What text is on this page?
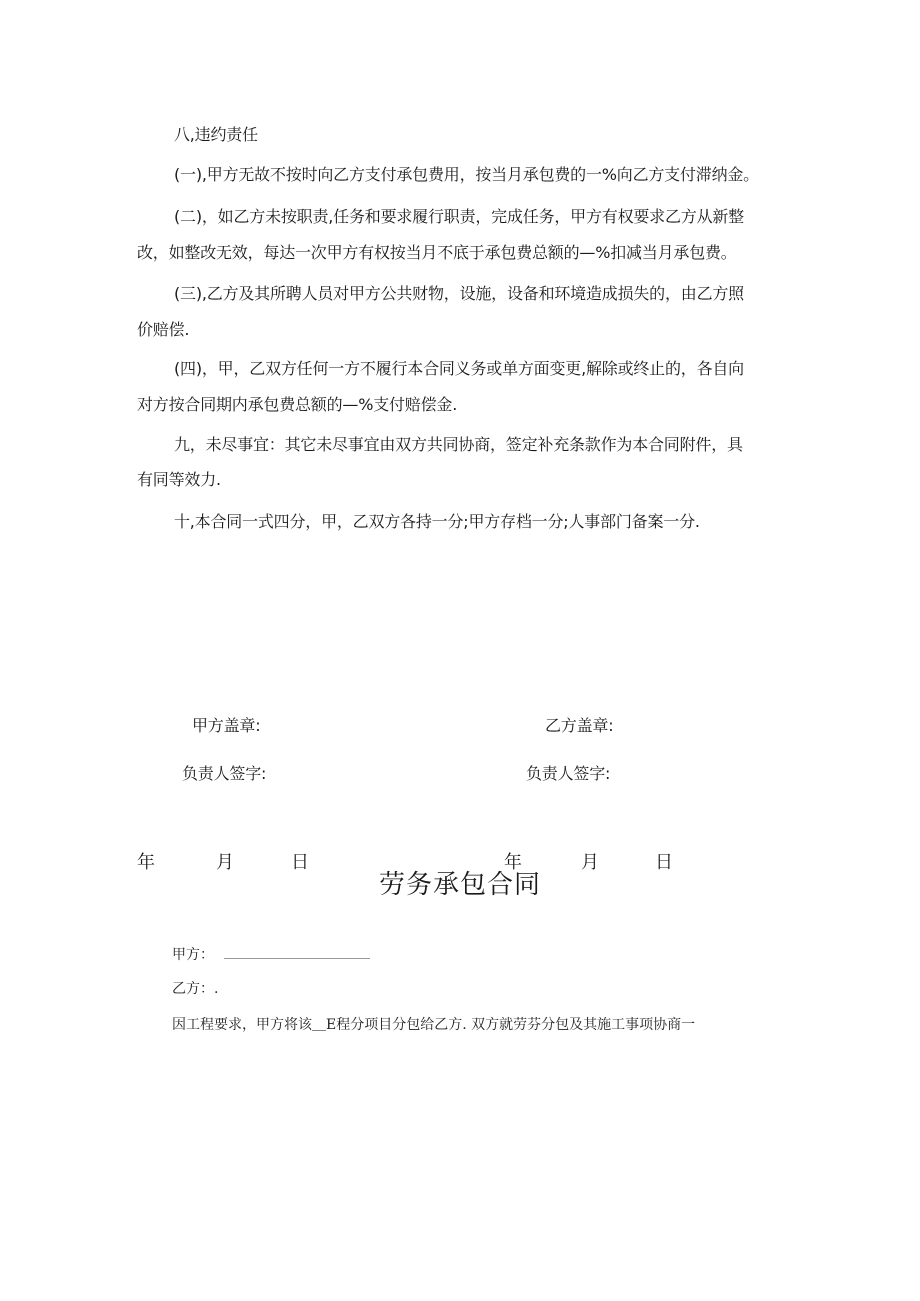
八,违约责任
(一),甲方无故不按时向乙方支付承包费用，按当月承包费的一%向乙方支付滞纳金。
(二)，如乙方未按职责,任务和要求履行职责，完成任务，甲方有权要求乙方从新整
改，如整改无效，每达一次甲方有权按当月不底于承包费总额的—%扣减当月承包费。
(三),乙方及其所聘人员对甲方公共财物，设施，设备和环境造成损失的，由乙方照
价赔偿.
(四)，甲，乙双方任何一方不履行本合同义务或单方面变更,解除或终止的，各自向
对方按合同期内承包费总额的—%支付赔偿金.
九，未尽事宜：其它未尽事宜由双方共同协商，签定补充条款作为本合同附件，具
有同等效力.
十,本合同一式四分，甲，乙双方各持一分;甲方存档一分;人事部门备案一分.
甲方盖章:	乙方盖章:
负责人签字:	负责人签字:
年	月	日	年	月	日
劳务承包合同
甲方：
乙方：.
因工程要求，甲方将该＿E程分项目分包给乙方. 双方就劳芬分包及其施工事项协商一
